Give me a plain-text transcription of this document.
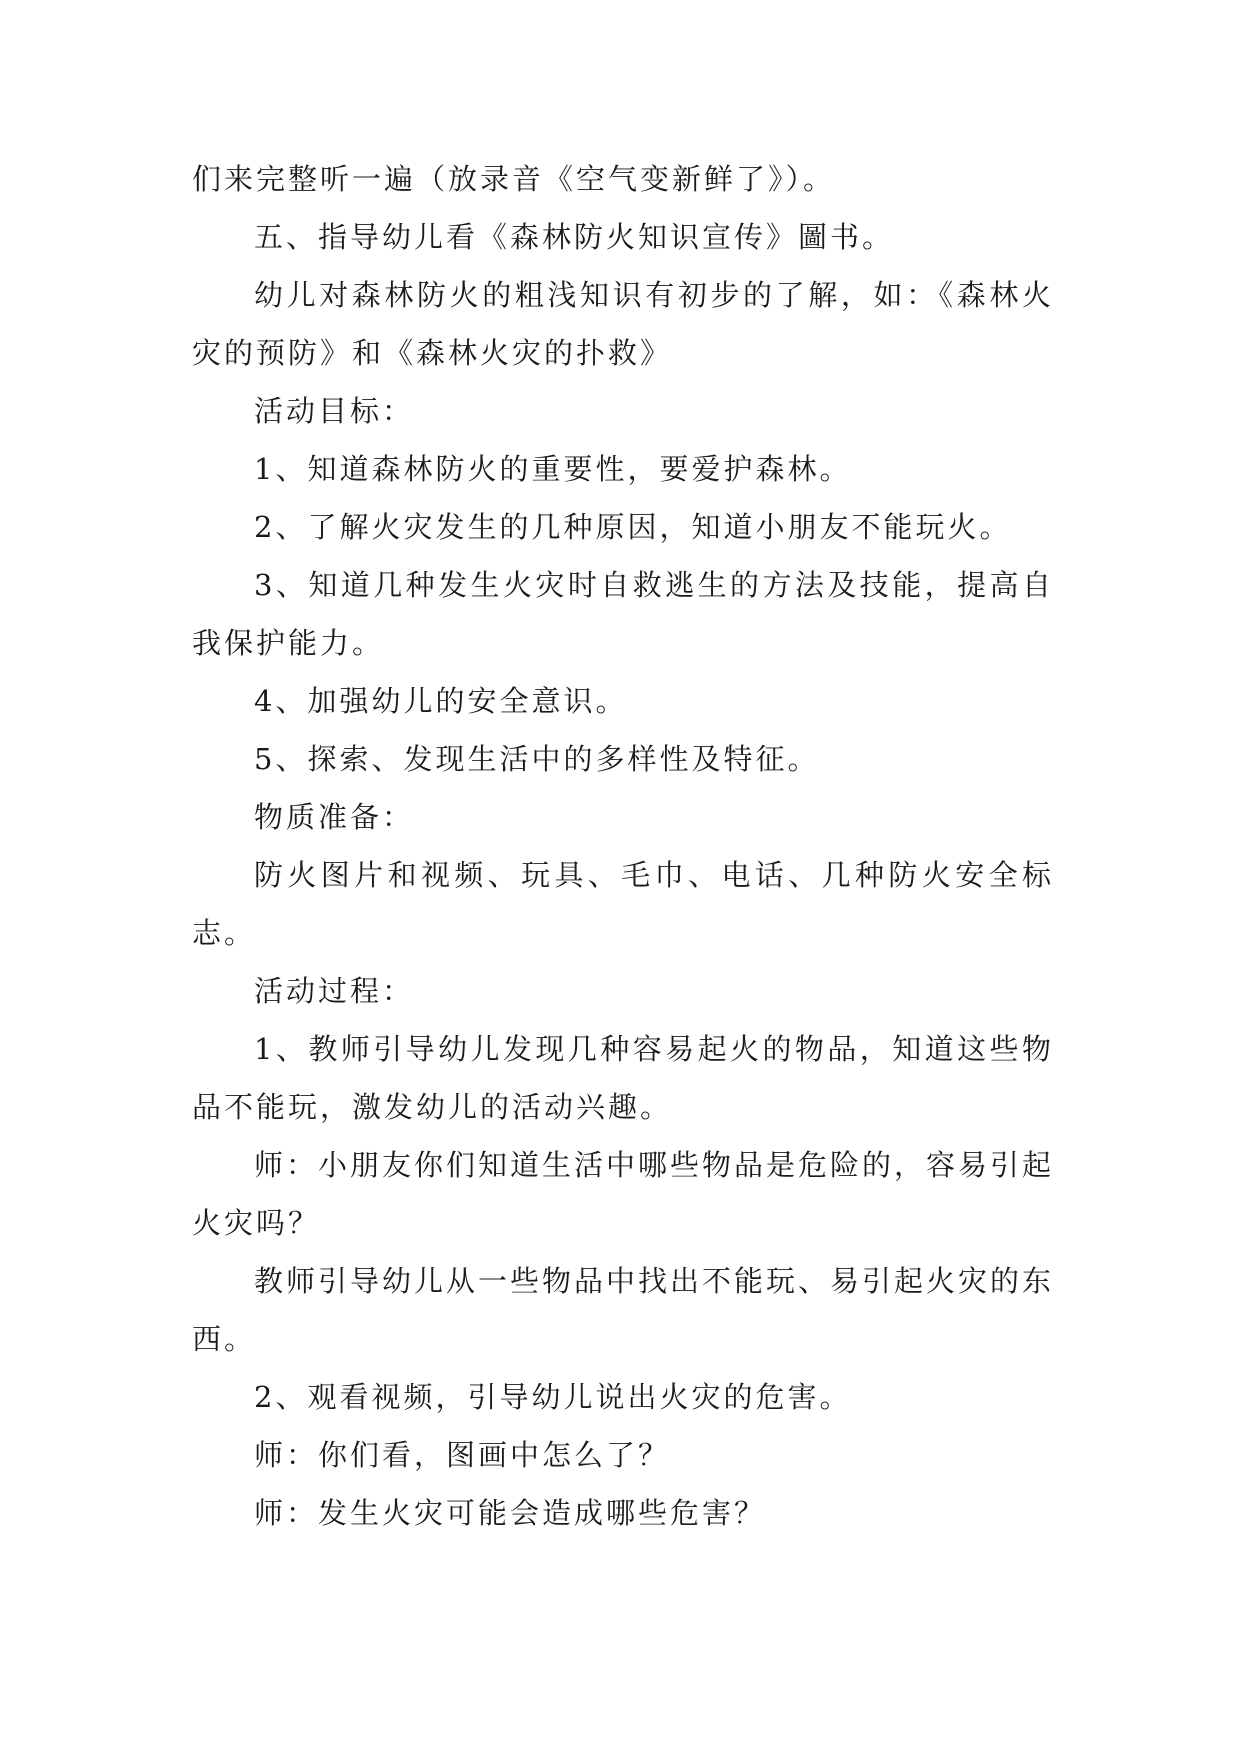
们来完整听一遍（放录音《空气变新鲜了》）。

五、指导幼儿看《森林防火知识宣传》圖书。

幼儿对森林防火的粗浅知识有初步的了解，如：《森林火灾的预防》和《森林火灾的扑救》

活动目标：

1、知道森林防火的重要性，要爱护森林。

2、了解火灾发生的几种原因，知道小朋友不能玩火。

3、知道几种发生火灾时自救逃生的方法及技能，提高自我保护能力。

4、加强幼儿的安全意识。

5、探索、发现生活中的多样性及特征。

物质准备：

防火图片和视频、玩具、毛巾、电话、几种防火安全标志。

活动过程：

1、教师引导幼儿发现几种容易起火的物品，知道这些物品不能玩，激发幼儿的活动兴趣。

师：小朋友你们知道生活中哪些物品是危险的，容易引起火灾吗？

教师引导幼儿从一些物品中找出不能玩、易引起火灾的东西。

2、观看视频，引导幼儿说出火灾的危害。

师：你们看，图画中怎么了？

师：发生火灾可能会造成哪些危害？
